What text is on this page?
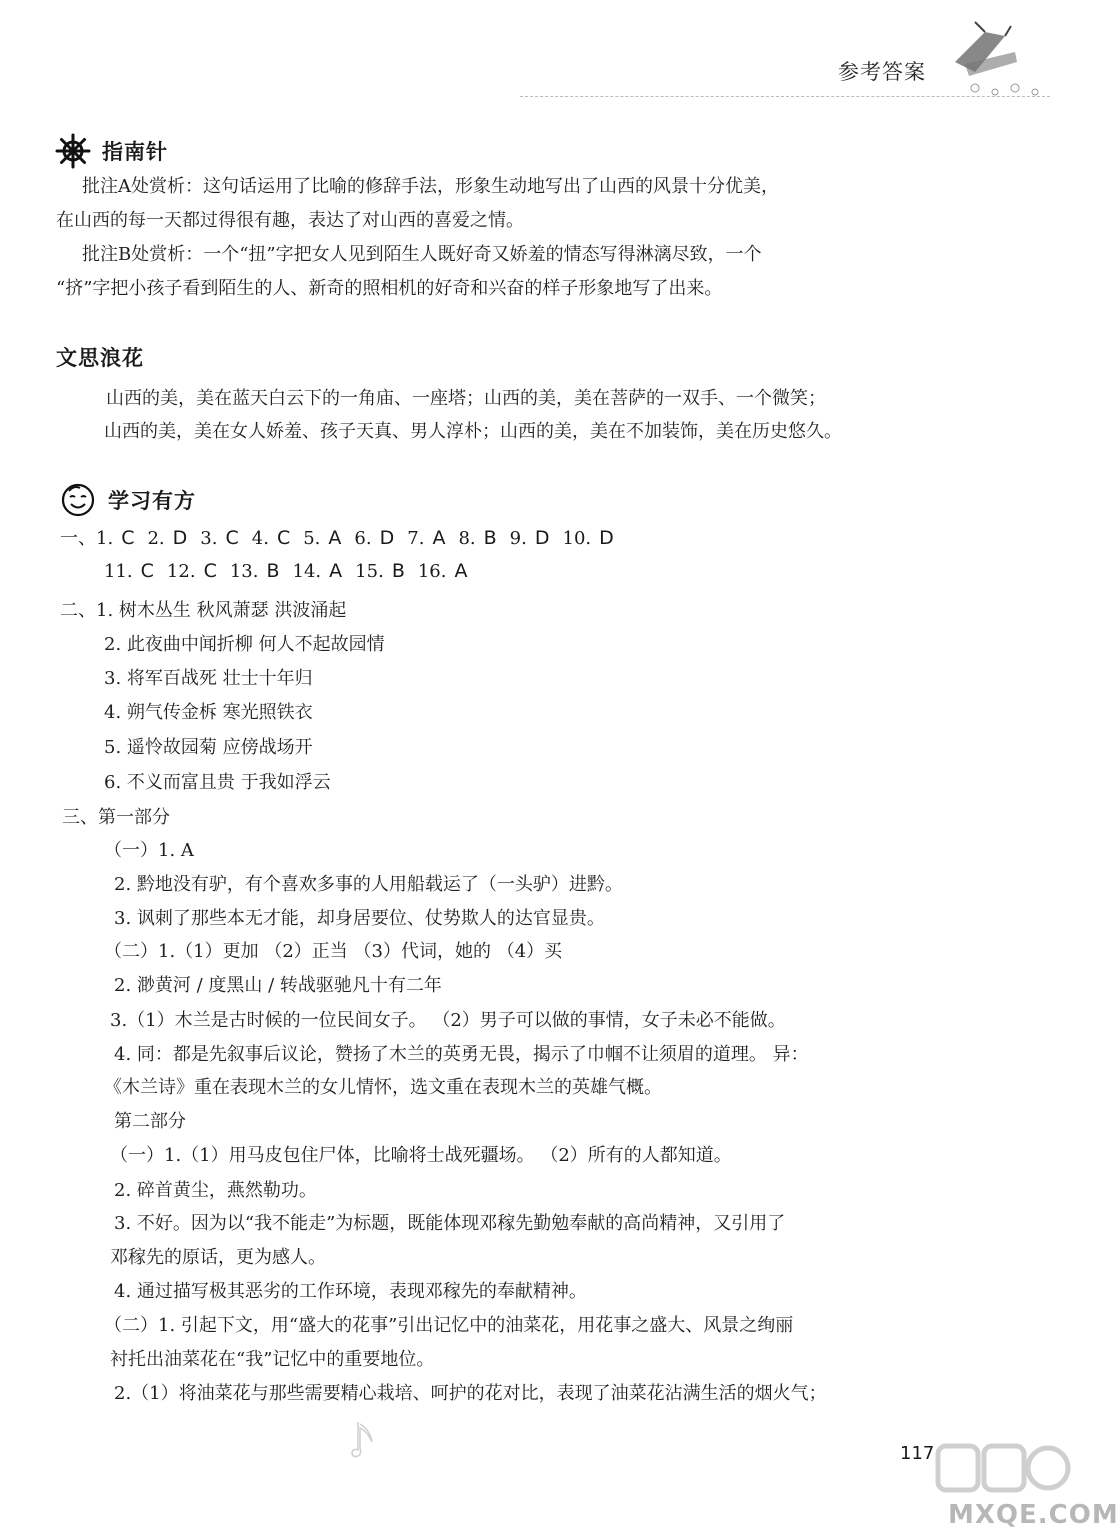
参考答案
指南针
批注A处赏析：这句话运用了比喻的修辞手法，形象生动地写出了山西的风景十分优美，
在山西的每一天都过得很有趣，表达了对山西的喜爱之情。
批注B处赏析：一个“扭”字把女人见到陌生人既好奇又娇羞的情态写得淋漓尽致，一个
“挤”字把小孩子看到陌生的人、新奇的照相机的好奇和兴奋的样子形象地写了出来。
文思浪花
山西的美，美在蓝天白云下的一角庙、一座塔；山西的美，美在菩萨的一双手、一个微笑；
山西的美，美在女人娇羞、孩子天真、男人淳朴；山西的美，美在不加装饰，美在历史悠久。
学习有方
一、1. C 2. D 3. C 4. C 5. A 6. D 7. A 8. B 9. D 10. D
11. C 12. C 13. B 14. A 15. B 16. A
二、1. 树木丛生 秋风萧瑟 洪波涌起
2. 此夜曲中闻折柳 何人不起故园情
3. 将军百战死 壮士十年归
4. 朔气传金柝 寒光照铁衣
5. 遥怜故园菊 应傍战场开
6. 不义而富且贵 于我如浮云
三、第一部分
（一）1. A
2. 黔地没有驴，有个喜欢多事的人用船载运了（一头驴）进黔。
3. 讽刺了那些本无才能，却身居要位、仗势欺人的达官显贵。
（二）1.（1）更加 （2）正当 （3）代词，她的 （4）买
2. 渺黄河 / 度黑山 / 转战驱驰凡十有二年
3.（1）木兰是古时候的一位民间女子。 （2）男子可以做的事情，女子未必不能做。
4. 同：都是先叙事后议论，赞扬了木兰的英勇无畏，揭示了巾帼不让须眉的道理。 异：
《木兰诗》重在表现木兰的女儿情怀，选文重在表现木兰的英雄气概。
第二部分
（一）1.（1）用马皮包住尸体，比喻将士战死疆场。 （2）所有的人都知道。
2. 碎首黄尘，燕然勒功。
3. 不好。因为以“我不能走”为标题，既能体现邓稼先勤勉奉献的高尚精神，又引用了
邓稼先的原话，更为感人。
4. 通过描写极其恶劣的工作环境，表现邓稼先的奉献精神。
（二）1. 引起下文，用“盛大的花事”引出记忆中的油菜花，用花事之盛大、风景之绚丽
衬托出油菜花在“我”记忆中的重要地位。
2.（1）将油菜花与那些需要精心栽培、呵护的花对比，表现了油菜花沾满生活的烟火气；
117
MXQE.COM
